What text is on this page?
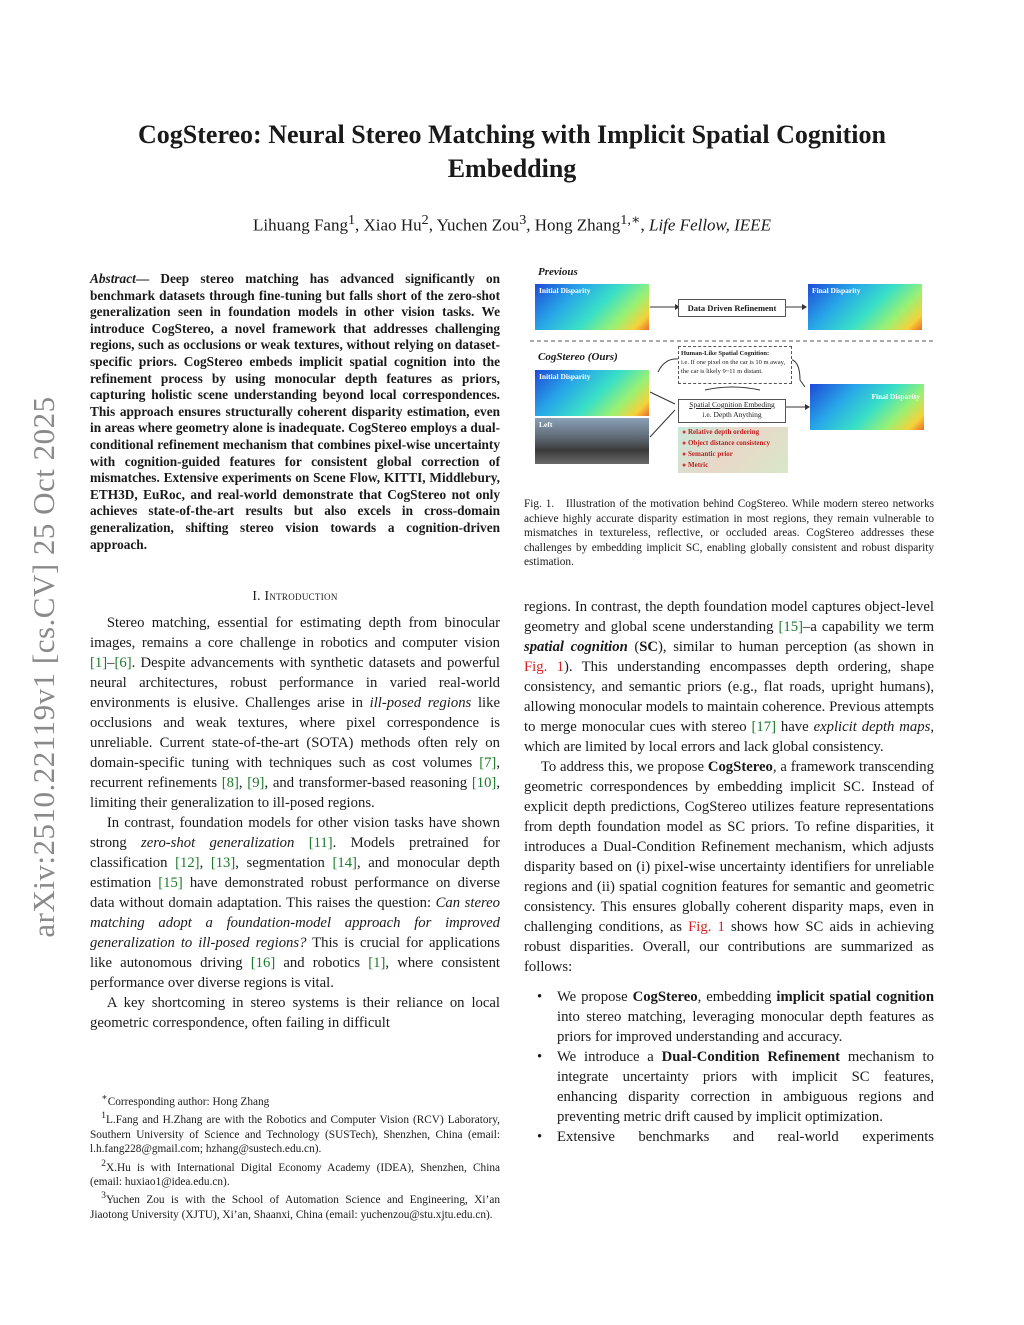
arXiv:2510.22119v1 [cs.CV] 25 Oct 2025
CogStereo: Neural Stereo Matching with Implicit Spatial Cognition
Embedding
Lihuang Fang$^1$, Xiao Hu$^2$, Yuchen Zou$^3$, Hong Zhang$^{1,∗}$, Life Fellow, IEEE
Abstract— Deep stereo matching has advanced significantly on benchmark datasets through fine-tuning but falls short of the zero-shot generalization seen in foundation models in other vision tasks. We introduce CogStereo, a novel framework that addresses challenging regions, such as occlusions or weak textures, without relying on dataset-specific priors. CogStereo embeds implicit spatial cognition into the refinement process by using monocular depth features as priors, capturing holistic scene understanding beyond local correspondences. This approach ensures structurally coherent disparity estimation, even in areas where geometry alone is inadequate. CogStereo employs a dual-conditional refinement mechanism that combines pixel-wise uncertainty with cognition-guided features for consistent global correction of mismatches. Extensive experiments on Scene Flow, KITTI, Middlebury, ETH3D, EuRoc, and real-world demonstrate that CogStereo not only achieves state-of-the-art results but also excels in cross-domain generalization, shifting stereo vision towards a cognition-driven approach.
I. Introduction

Stereo matching, essential for estimating depth from binocular images, remains a core challenge in robotics and computer vision [1]–[6]. Despite advancements with synthetic datasets and powerful neural architectures, robust performance in varied real-world environments is elusive. Challenges arise in ill-posed regions like occlusions and weak textures, where pixel correspondence is unreliable. Current state-of-the-art (SOTA) methods often rely on domain-specific tuning with techniques such as cost volumes [7], recurrent refinements [8], [9], and transformer-based reasoning [10], limiting their generalization to ill-posed regions.

In contrast, foundation models for other vision tasks have shown strong zero-shot generalization [11]. Models pretrained for classification [12], [13], segmentation [14], and monocular depth estimation [15] have demonstrated robust performance on diverse data without domain adaptation. This raises the question: Can stereo matching adopt a foundation-model approach for improved generalization to ill-posed regions? This is crucial for applications like autonomous driving [16] and robotics [1], where consistent performance over diverse regions is vital.

A key shortcoming in stereo systems is their reliance on local geometric correspondence, often failing in difficult

∗Corresponding author: Hong Zhang
$^1$L.Fang and H.Zhang are with the Robotics and Computer Vision (RCV) Laboratory, Southern University of Science and Technology (SUSTech), Shenzhen, China (email: l.h.fang228@gmail.com; hzhang@sustech.edu.cn).
$^2$X.Hu is with International Digital Economy Academy (IDEA), Shenzhen, China (email: huxiao1@idea.edu.cn).
$^3$Yuchen Zou is with the School of Automation Science and Engineering, Xi’an Jiaotong University (XJTU), Xi’an, Shaanxi, China (email: yuchenzou@stu.xjtu.edu.cn).
Previous
Initial Disparity
Data Driven Refinement
Final Disparity
CogStereo (Ours)	Human-Like Spatial Cognition:
i.e. If one pixel on the car is 10 m away, the car is likely 9~11 m distant.
Initial Disparity
Left
Spatial Cognition Embeding
i.e. Depth Anything
● Relative depth ordering
● Object distance consistency
● Semantic prior
● Metric
Final Disparity
Fig. 1. Illustration of the motivation behind CogStereo. While modern stereo networks achieve highly accurate disparity estimation in most regions, they remain vulnerable to mismatches in textureless, reflective, or occluded areas. CogStereo addresses these challenges by embedding implicit SC, enabling globally consistent and robust disparity estimation.

regions. In contrast, the depth foundation model captures object-level geometry and global scene understanding [15]–a capability we term spatial cognition (SC), similar to human perception (as shown in Fig. 1). This understanding encompasses depth ordering, shape consistency, and semantic priors (e.g., flat roads, upright humans), allowing monocular models to maintain coherence. Previous attempts to merge monocular cues with stereo [17] have explicit depth maps, which are limited by local errors and lack global consistency.

To address this, we propose CogStereo, a framework transcending geometric correspondences by embedding implicit SC. Instead of explicit depth predictions, CogStereo utilizes feature representations from depth foundation model as SC priors. To refine disparities, it introduces a Dual-Condition Refinement mechanism, which adjusts disparity based on (i) pixel-wise uncertainty identifiers for unreliable regions and (ii) spatial cognition features for semantic and geometric consistency. This ensures globally coherent disparity maps, even in challenging conditions, as Fig. 1 shows how SC aids in achieving robust disparities. Overall, our contributions are summarized as follows:

• We propose CogStereo, embedding implicit spatial cognition into stereo matching, leveraging monocular depth features as priors for improved understanding and accuracy.
• We introduce a Dual-Condition Refinement mechanism to integrate uncertainty priors with implicit SC features, enhancing disparity correction in ambiguous regions and preventing metric drift caused by implicit optimization.
• Extensive benchmarks and real-world experiments
